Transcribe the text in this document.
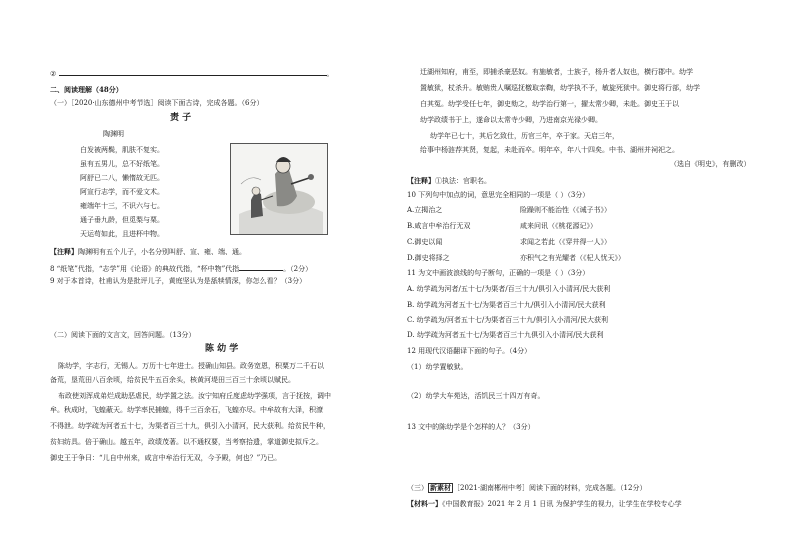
②	。
二、阅读理解（48分）
（一）［2020·山东德州中考节选］阅读下面古诗，完成各题。（6分）
责 子
陶渊明
白发被两鬓，肌肤不复实。
虽有五男儿，总不好纸笔。
阿舒已二八，懒惰故无匹。
阿宣行志学，而不爱文术。
雍端年十三，不识六与七。
通子垂九龄，但觅梨与栗。
天运苟如此，且进杯中物。
【注释】陶渊明有五个儿子，小名分别叫舒、宣、雍、端、通。
8 “纸笔”代指，“志学”用《论语》的典故代指，“杯中物”代指	。（2分）
9 对于本首诗，杜甫认为是批评儿子，黄庭坚认为是舐犊情深，你怎么看？（3分）
（二）阅读下面的文言文，回答问题。（13分）
陈 幼 学
陈幼学，字志行，无锡人。万历十七年进士。授确山知县。政务宽恩，积粟万二千石以
备荒，垦荒田八百余顷，给贫民牛五百余头，核黄河堤田三百三十余顷以赋民。
布政使刘浑成弟烂成助恶虐民，幼学置之法。汝宁知府丘度虑幼学强项，言于抚按，调中
牟。秋成时，飞蝗蔽天。幼学率民捕蝗，得千三百余石，飞蝗亦尽。中牟故有大泽，积潦
不得泄。幼学疏为河者五十七，为渠者百三十九，俱引入小清河，民大获利。给贫民牛种，
贫妇纺具。倍于确山。越五年，政绩茂著。以不通权要，当考察拾遗，掌道御史拟斥之。
御史王于争曰：“儿自中州来，咸言中牟治行无双，今予殿，何也？”乃已。
迁湖州知府，甫至，即捕杀豪恶奴。有施敏者，士族子，杨升者人奴也，横行郡中。幼学
置敏狱，杖杀升。敏贿贵人嘱巡抚檄取亲鞫，幼学执不予，敏旋死狱中。御史将行部，幼学
白其冤。幼学受任七年，御史劾之，幼学治行第一，擢太常少卿，未赴。御史王于以
幼学政绩书于上，遂命以太常寺少卿，乃进南京光禄少卿。
幼学年已七十，其后乞致仕，历官三年，卒于家。天启三年，
给事中杨涟荐其贤，复起，未赴而卒。明年卒，年八十四矣。中书、湖州并祠祀之。
（选自《明史》，有删改）
【注释】①执法：官职名。
10 下列句中加点的词，意思完全相同的一项是（ ）（3分）
A.立揭治之	险躁则不能治性（《诫子书》）
B.咸言中牟治行无双	咸来问讯（《桃花源记》）
C.御史以闻	求闻之若此（《穿井得一人》）
D.御史将择之	亦积气之有光耀者（《杞人忧天》）
11 为文中画波浪线的句子断句，正确的一项是（ ）（3分）
A. 幼学疏为河者/五十七/为渠者/百三十九/俱引入小清河/民大获利
B. 幼学疏为河者五十七/为渠者百三十九/俱引入小清河/民大获利
C. 幼学疏为/河者五十七/为渠者百三十九/俱引入小清河/民大获利
D. 幼学疏为河者五十七/为渠者百三十九俱引入小清河/民大获利
12 用现代汉语翻译下面的句子。（4分）
（1）幼学置敏狱。
（2）幼学大车苑达，活饥民三十四万有奇。
13 文中的陈幼学是个怎样的人？（3分）
（三） 新素材 ［2021·湖南郴州中考］阅读下面的材料，完成各题。（12分）
【材料一】《中国教育报》2021 年 2 月 1 日讯 为保护学生的视力，让学生在学校专心学
